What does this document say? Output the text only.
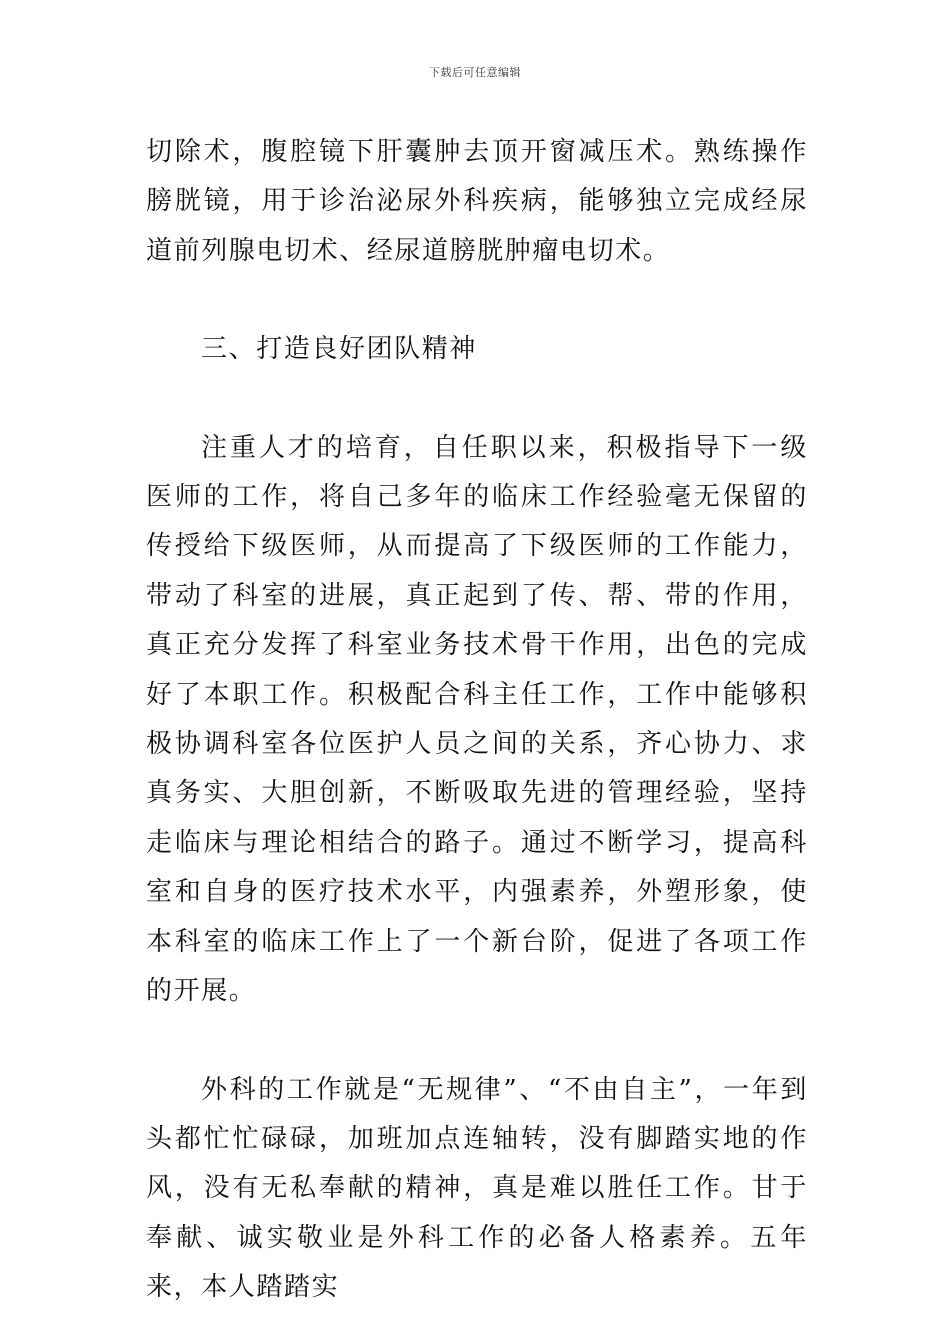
下载后可任意编辑

切除术，腹腔镜下肝囊肿去顶开窗减压术。熟练操作膀胱镜，用于诊治泌尿外科疾病，能够独立完成经尿道前列腺电切术、经尿道膀胱肿瘤电切术。

三、打造良好团队精神

注重人才的培育，自任职以来，积极指导下一级医师的工作，将自己多年的临床工作经验毫无保留的传授给下级医师，从而提高了下级医师的工作能力，带动了科室的进展，真正起到了传、帮、带的作用，真正充分发挥了科室业务技术骨干作用，出色的完成好了本职工作。积极配合科主任工作，工作中能够积极协调科室各位医护人员之间的关系，齐心协力、求真务实、大胆创新，不断吸取先进的管理经验，坚持走临床与理论相结合的路子。通过不断学习，提高科室和自身的医疗技术水平，内强素养，外塑形象，使本科室的临床工作上了一个新台阶，促进了各项工作的开展。

外科的工作就是“无规律”、“不由自主”，一年到头都忙忙碌碌，加班加点连轴转，没有脚踏实地的作风，没有无私奉献的精神，真是难以胜任工作。甘于奉献、诚实敬业是外科工作的必备人格素养。五年来，本人踏踏实
